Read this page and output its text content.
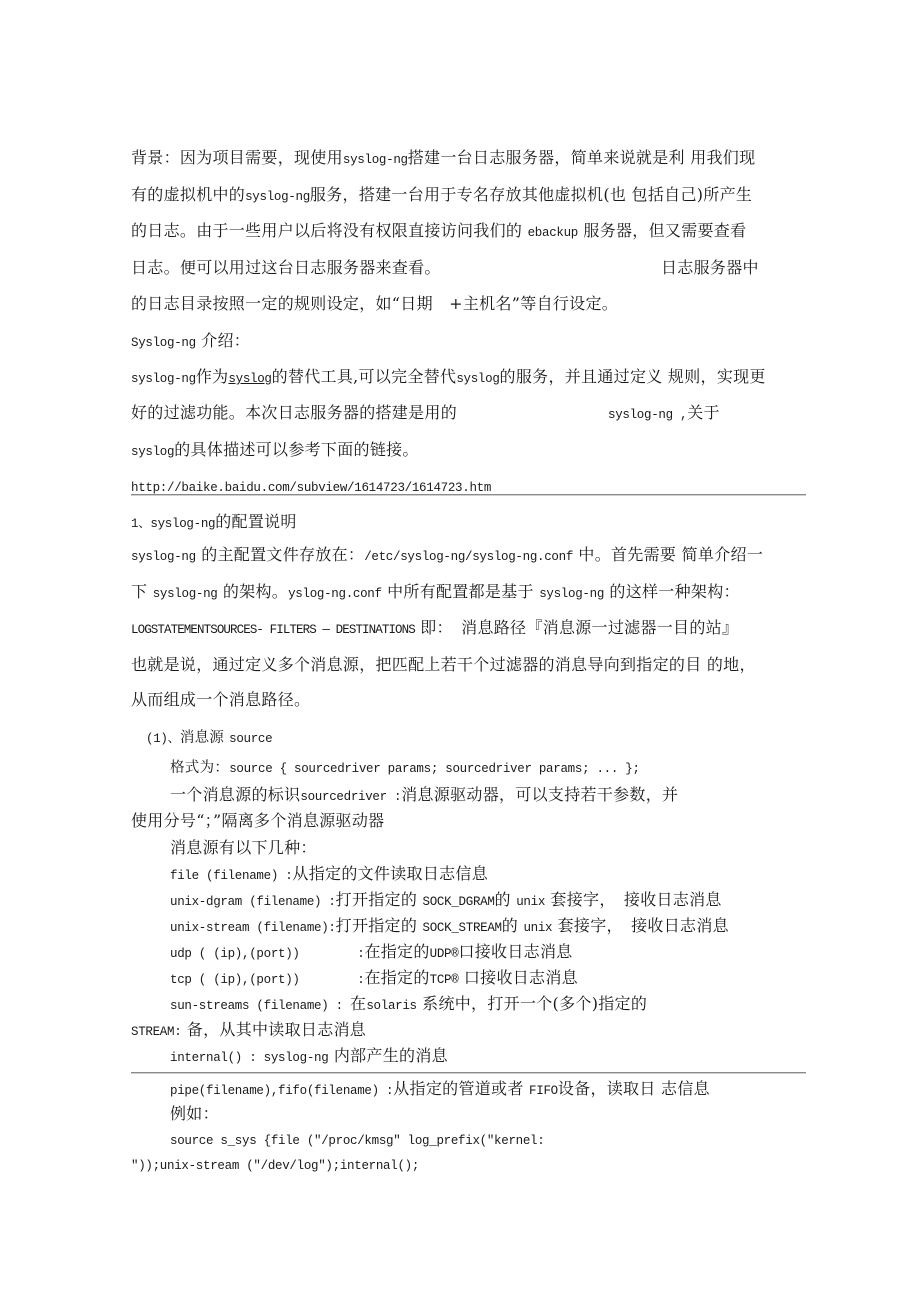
背景：因为项目需要，现使用syslog-ng搭建一台日志服务器，简单来说就是利 用我们现
有的虚拟机中的syslog-ng服务，搭建一台用于专名存放其他虚拟机(也 包括自己)所产生
的日志。由于一些用户以后将没有权限直接访问我们的 ebackup 服务器，但又需要查看
日志。便可以用过这台日志服务器来查看。	日志服务器中
的日志目录按照一定的规则设定，如“日期　+主机名”等自行设定。
Syslog-ng 介绍：
syslog-ng作为syslog的替代工具,可以完全替代syslog的服务，并且通过定义 规则，实现更
好的过滤功能。本次日志服务器的搭建是用的	syslog-ng ,关于
syslog的具体描述可以参考下面的链接。
http://baike.baidu.com/subview/1614723/1614723.htm
1、syslog-ng的配置说明
syslog-ng 的主配置文件存放在：/etc/syslog-ng/syslog-ng.conf 中。首先需要 简单介绍一
下 syslog-ng 的架构。yslog-ng.conf 中所有配置都是基于 syslog-ng 的这样一种架构：
LOGSTATEMENTSOURCES- FILTERS — DESTINATIONS 即：　消息路径『消息源一过滤器一目的站』
也就是说，通过定义多个消息源，把匹配上若干个过滤器的消息导向到指定的目 的地，
从而组成一个消息路径。
(1)、消息源 source
格式为：source { sourcedriver params; sourcedriver params; ... };
一个消息源的标识sourcedriver :消息源驱动器，可以支持若干参数，并
使用分号“；”隔离多个消息源驱动器
消息源有以下几种：
file (filename) :从指定的文件读取日志信息
unix-dgram (filename) :打开指定的 SOCK_DGRAM的 unix 套接字，　接收日志消息
unix-stream (filename):打开指定的 SOCK_STREAM的 unix 套接字，　接收日志消息
udp ( (ip),(port))        :在指定的UDP®口接收日志消息
tcp ( (ip),(port))        :在指定的TCP® 口接收日志消息
sun-streams (filename) : 在solaris 系统中，打开一个(多个)指定的
STREAM: 备，从其中读取日志消息
internal() : syslog-ng 内部产生的消息
pipe(filename),fifo(filename) :从指定的管道或者 FIFO设备，读取日 志信息
例如：
source s_sys {file ("/proc/kmsg" log_prefix("kernel:
"));unix-stream ("/dev/log");internal();
